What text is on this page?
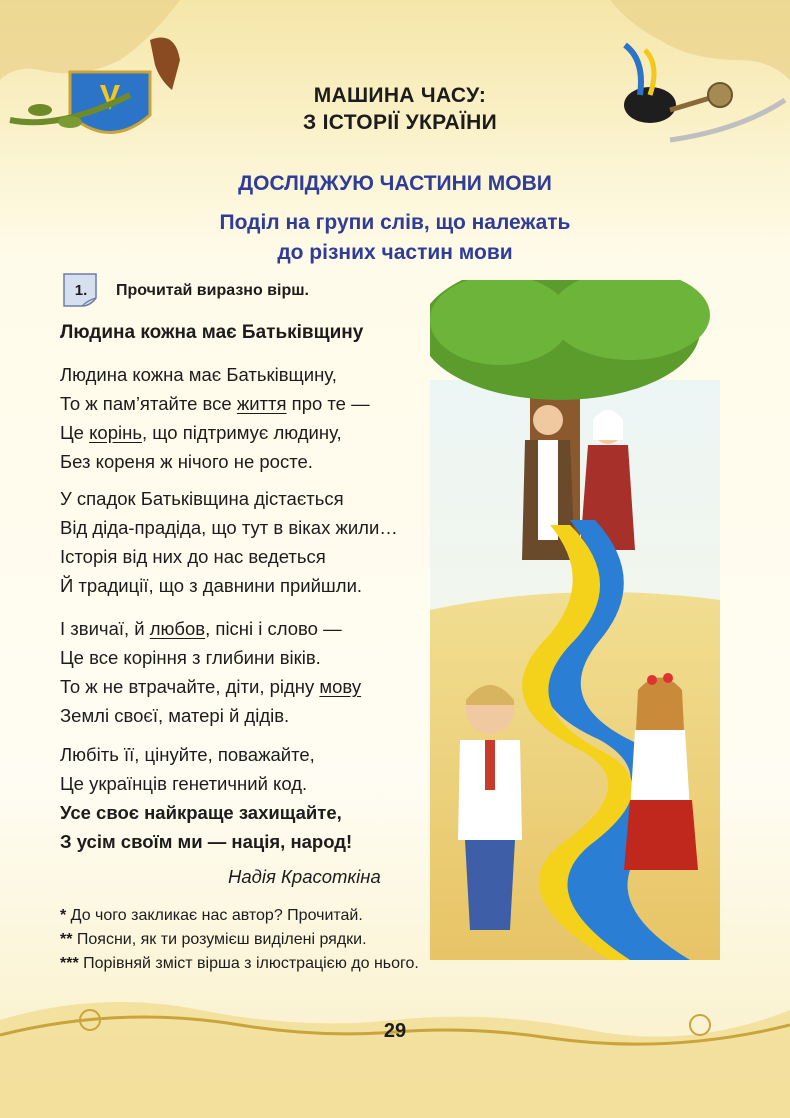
МАШИНА ЧАСУ:
З ІСТОРІЇ УКРАЇНИ
ДОСЛІДЖУЮ ЧАСТИНИ МОВИ
Поділ на групи слів, що належать
до різних частин мови
1.	Прочитай виразно вірш.
Людина кожна має Батьківщину
Людина кожна має Батьківщину,
То ж пам’ятайте все життя про те —
Це корінь, що підтримує людину,
Без кореня ж нічого не росте.
У спадок Батьківщина дістається
Від діда-прадіда, що тут в віках жили…
Історія від них до нас ведеться
Й традиції, що з давнини прийшли.
І звичаї, й любов, пісні і слово —
Це все коріння з глибини віків.
То ж не втрачайте, діти, рідну мову
Землі своєї, матері й дідів.
Любіть її, цінуйте, поважайте,
Це українців генетичний код.
Усе своє найкраще захищайте,
З усім своїм ми — нація, народ!
Надія Красоткіна
* До чого закликає нас автор? Прочитай.
** Поясни, як ти розумієш виділені рядки.
*** Порівняй зміст вірша з ілюстрацією до нього.
29
